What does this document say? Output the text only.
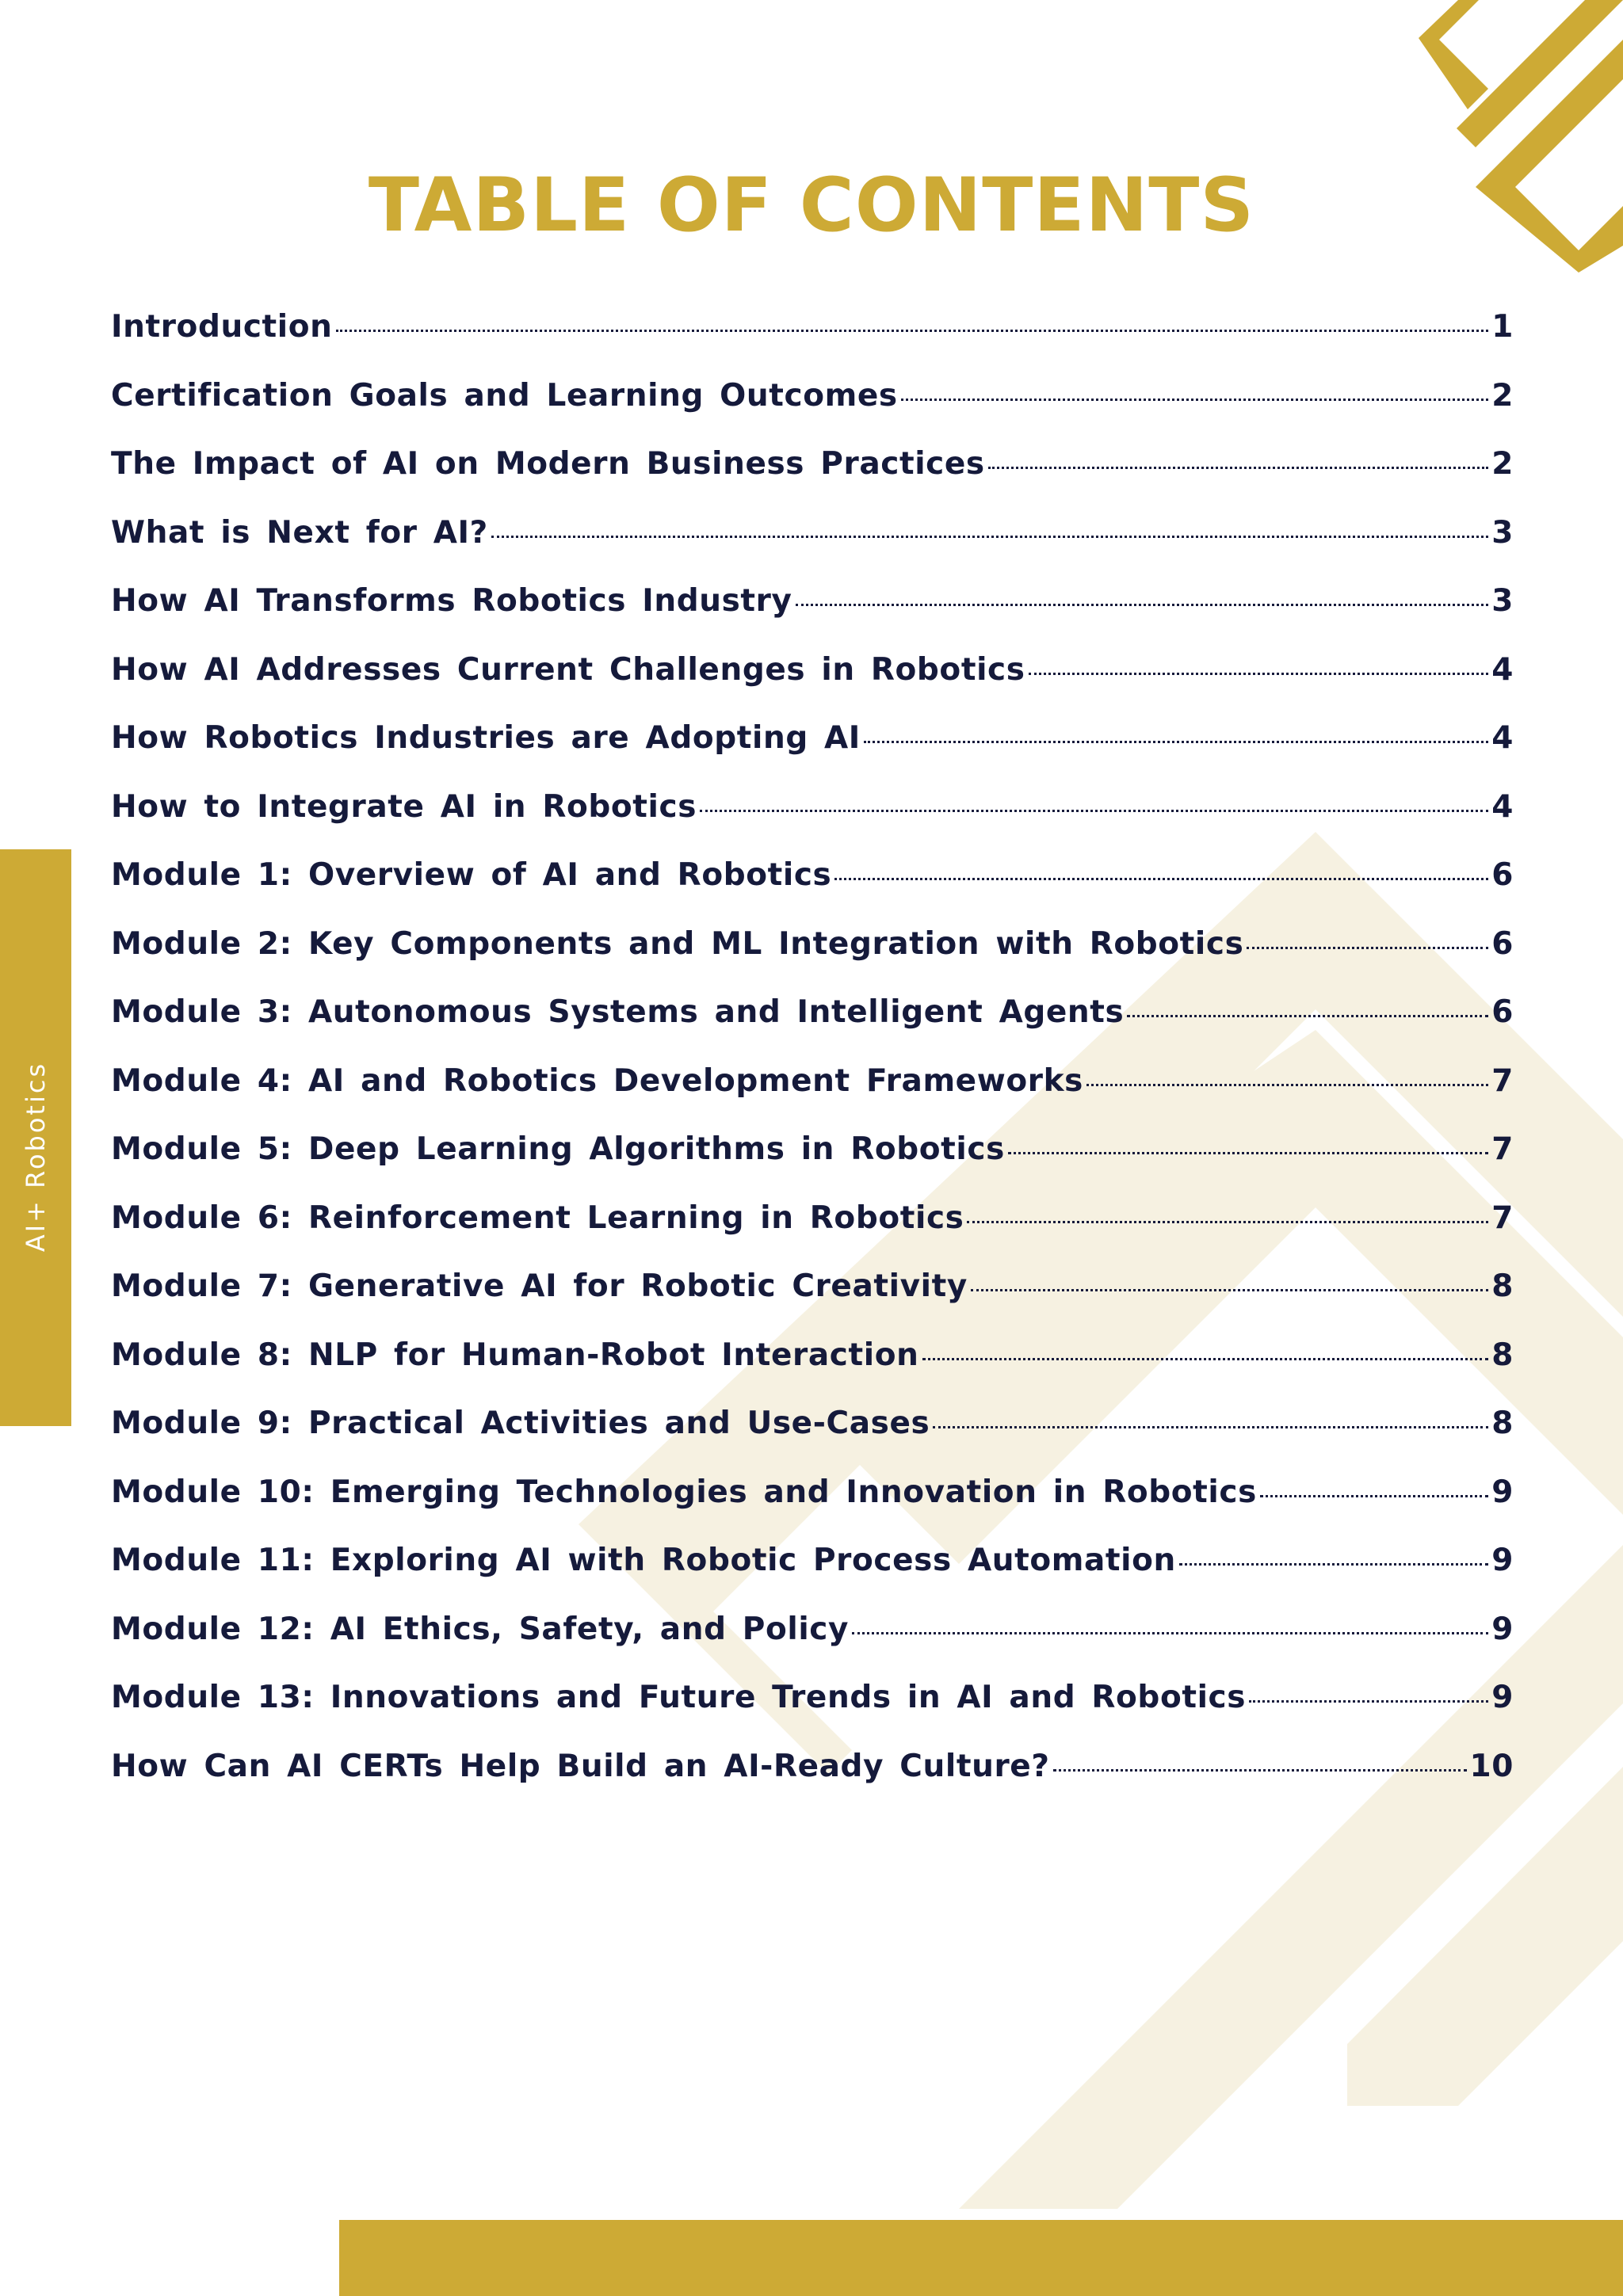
TABLE OF CONTENTS
AI+ Robotics
Introduction	1
Certification Goals and Learning Outcomes	2
The Impact of AI on Modern Business Practices	2
What is Next for AI?	3
How AI Transforms Robotics Industry	3
How AI Addresses Current Challenges in Robotics	4
How Robotics Industries are Adopting AI	4
How to Integrate AI in Robotics	4
Module 1: Overview of AI and Robotics	6
Module 2: Key Components and ML Integration with Robotics	6
Module 3: Autonomous Systems and Intelligent Agents	6
Module 4: AI and Robotics Development Frameworks	7
Module 5: Deep Learning Algorithms in Robotics	7
Module 6: Reinforcement Learning in Robotics	7
Module 7: Generative AI for Robotic Creativity	8
Module 8: NLP for Human-Robot Interaction	8
Module 9: Practical Activities and Use-Cases	8
Module 10: Emerging Technologies and Innovation in Robotics	9
Module 11: Exploring AI with Robotic Process Automation	9
Module 12: AI Ethics, Safety, and Policy	9
Module 13: Innovations and Future Trends in AI and Robotics	9
How Can AI CERTs Help Build an AI-Ready Culture?	10
